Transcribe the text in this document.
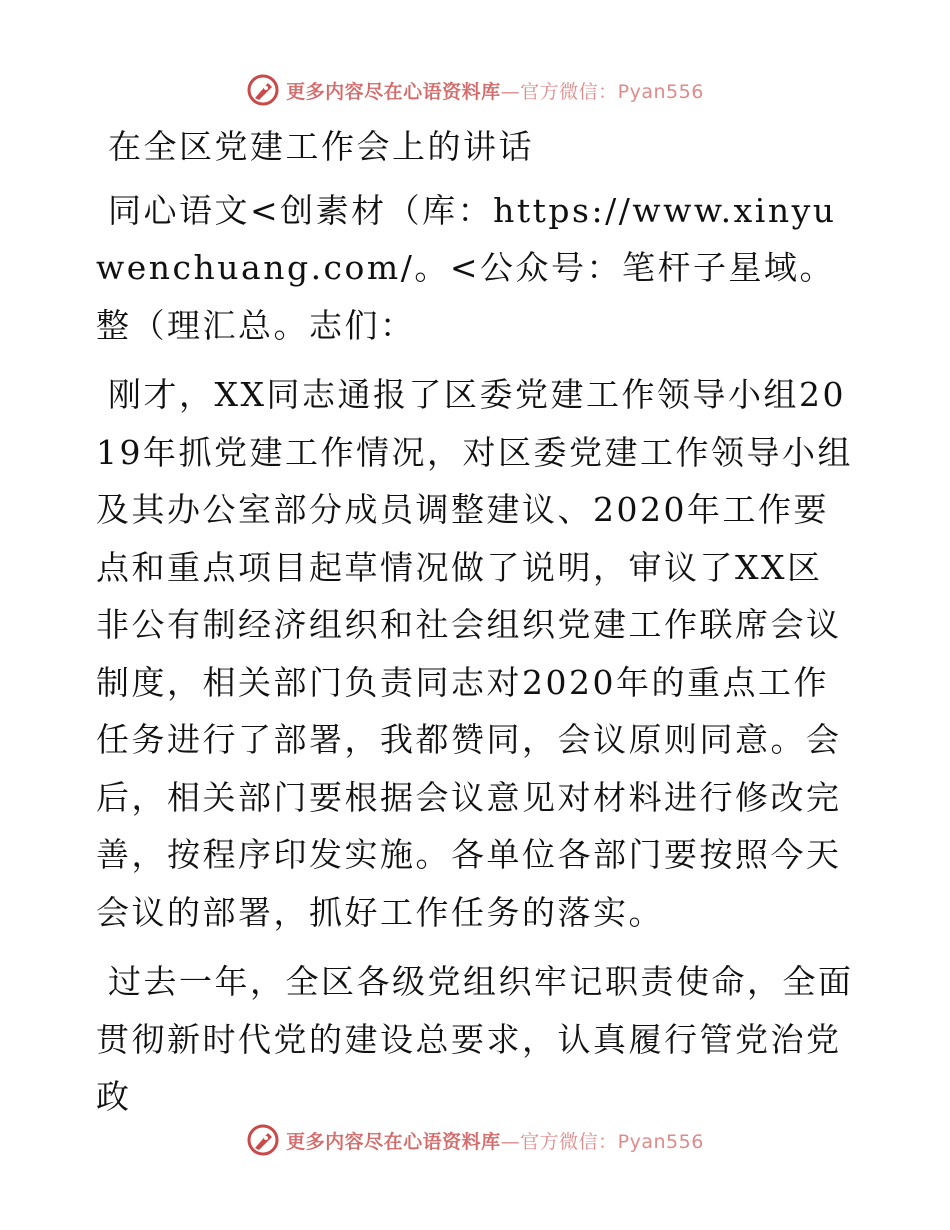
更多内容尽在心语资料库—官方微信：Pyan556

在全区党建工作会上的讲话

同心语文<创素材（库：https://www.xinyuwenchuang.com/。<公众号：笔杆子星域。整（理汇总。志们：

刚才，XX同志通报了区委党建工作领导小组2019年抓党建工作情况，对区委党建工作领导小组及其办公室部分成员调整建议、2020年工作要点和重点项目起草情况做了说明，审议了XX区非公有制经济组织和社会组织党建工作联席会议制度，相关部门负责同志对2020年的重点工作任务进行了部署，我都赞同，会议原则同意。会后，相关部门要根据会议意见对材料进行修改完善，按程序印发实施。各单位各部门要按照今天会议的部署，抓好工作任务的落实。

过去一年，全区各级党组织牢记职责使命，全面贯彻新时代党的建设总要求，认真履行管党治党政

更多内容尽在心语资料库—官方微信：Pyan556
